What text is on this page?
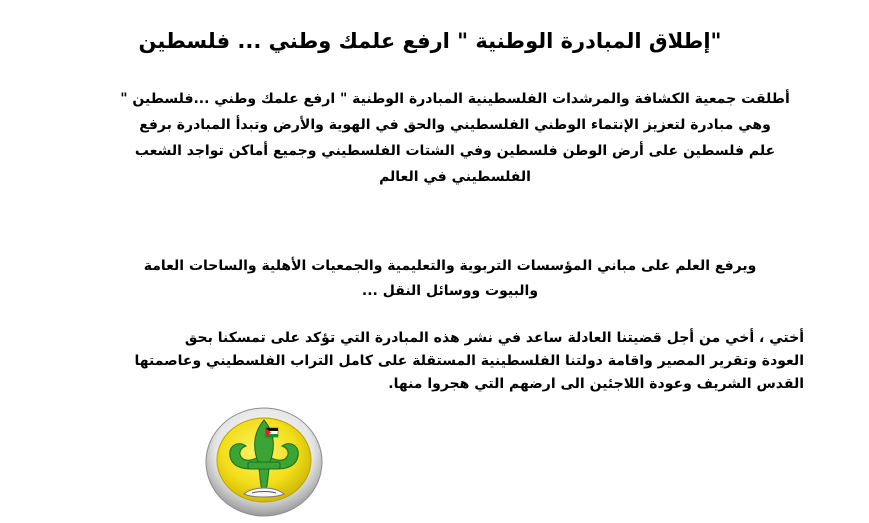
إطلاق المبادرة الوطنية " ارفع علمك وطني ... فلسطين"
أطلقت جمعية الكشافة والمرشدات الفلسطينية المبادرة الوطنية " ارفع علمك وطني ...فلسطين "
وهي مبادرة لتعزيز الإنتماء الوطني الفلسطيني والحق في الهوية والأرض وتبدأ المبادرة برفع
علم فلسطين على أرض الوطن فلسطين وفي الشتات الفلسطيني وجميع أماكن تواجد الشعب
الفلسطيني في العالم
ويرفع العلم على مباني المؤسسات التربوية والتعليمية والجمعيات الأهلية والساحات العامة
والبيوت ووسائل النقل ...
أختي ، أخي من أجل قضيتنا العادلة ساعد في نشر هذه المبادرة التي تؤكد على تمسكنا بحق
العودة وتقرير المصير واقامة دولتنا الفلسطينية المستقلة على كامل التراب الفلسطيني وعاصمتها
القدس الشريف وعودة اللاجئين الى ارضهم التي هجروا منها.
